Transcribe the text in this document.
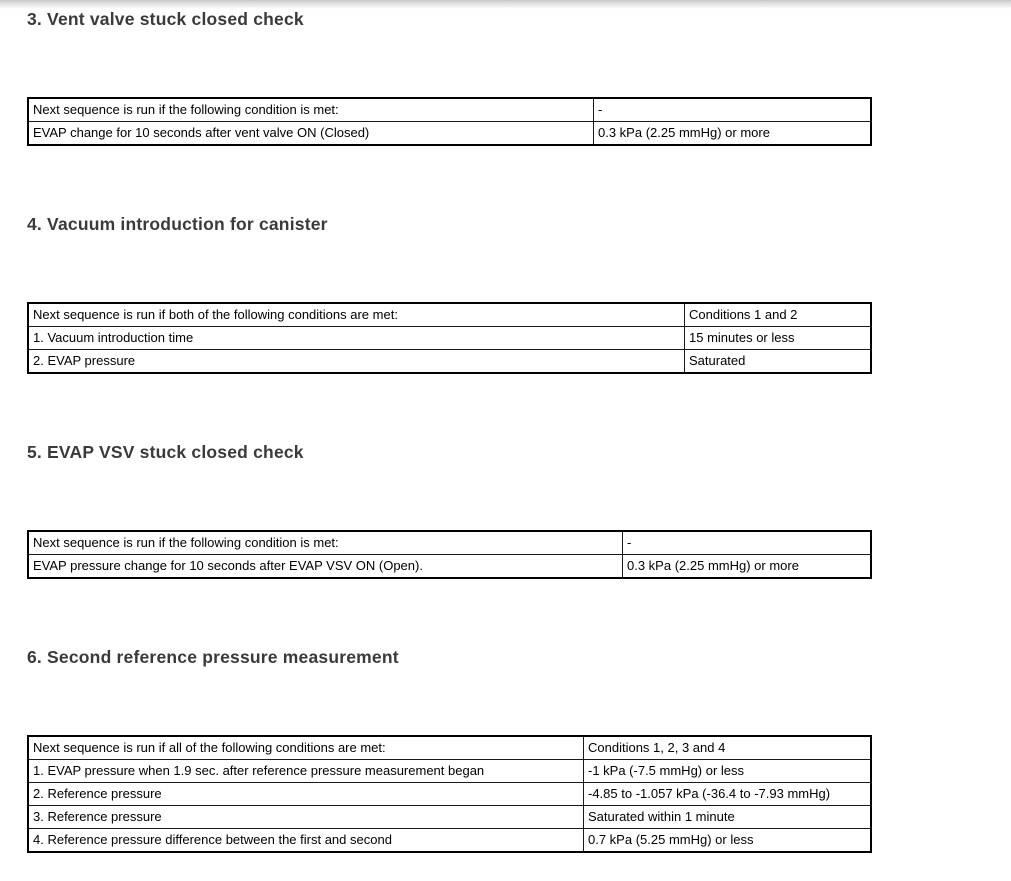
3. Vent valve stuck closed check
Next sequence is run if the following condition is met:	-
EVAP change for 10 seconds after vent valve ON (Closed)	0.3 kPa (2.25 mmHg) or more
4. Vacuum introduction for canister
Next sequence is run if both of the following conditions are met:	Conditions 1 and 2
1. Vacuum introduction time	15 minutes or less
2. EVAP pressure	Saturated
5. EVAP VSV stuck closed check
Next sequence is run if the following condition is met:	-
EVAP pressure change for 10 seconds after EVAP VSV ON (Open).	0.3 kPa (2.25 mmHg) or more
6. Second reference pressure measurement
Next sequence is run if all of the following conditions are met:	Conditions 1, 2, 3 and 4
1. EVAP pressure when 1.9 sec. after reference pressure measurement began	-1 kPa (-7.5 mmHg) or less
2. Reference pressure	-4.85 to -1.057 kPa (-36.4 to -7.93 mmHg)
3. Reference pressure	Saturated within 1 minute
4. Reference pressure difference between the first and second	0.7 kPa (5.25 mmHg) or less
